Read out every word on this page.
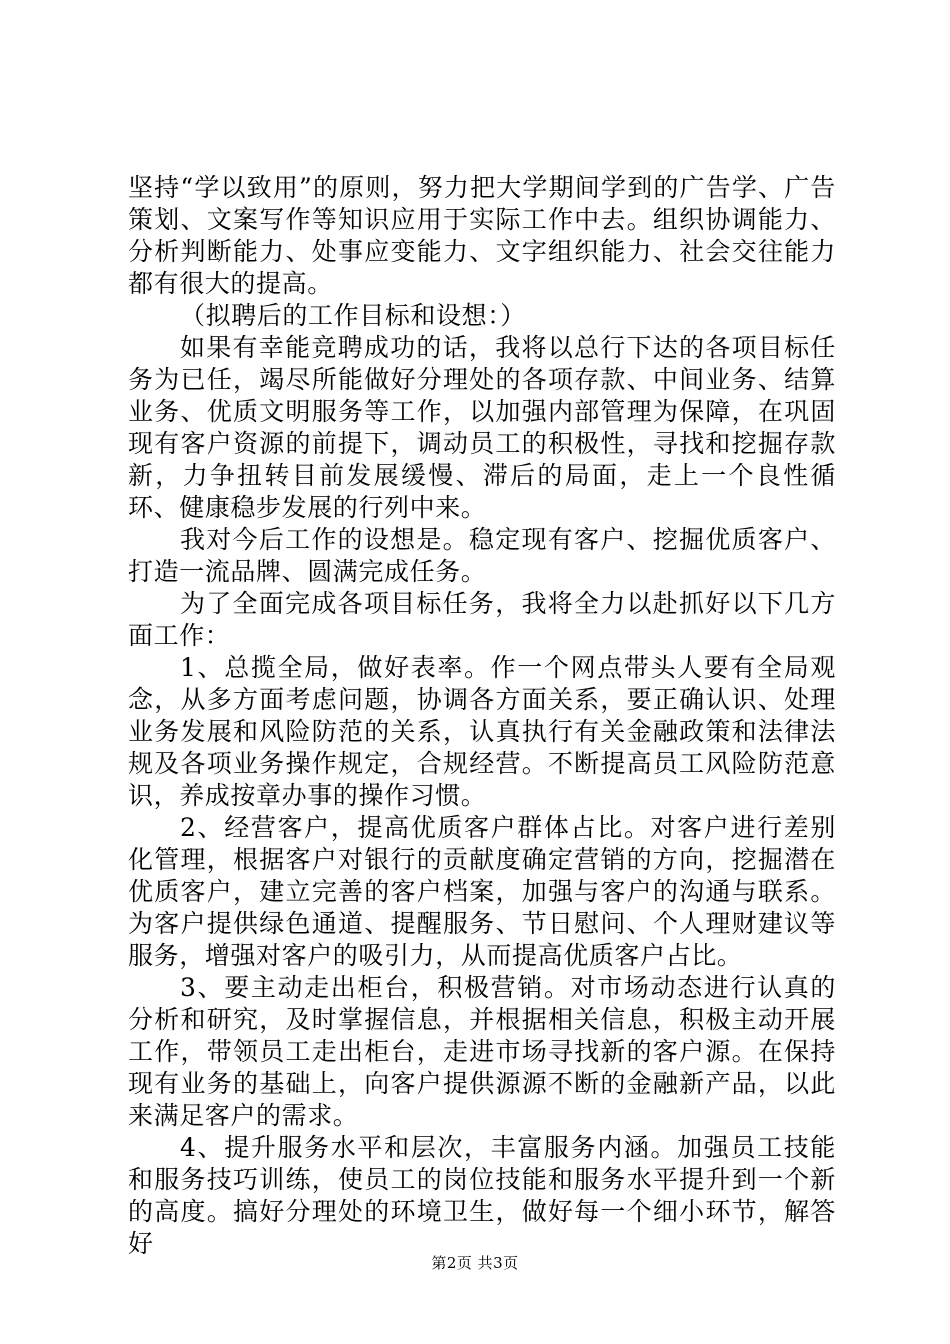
坚持“学以致用”的原则，努力把大学期间学到的广告学、广告策划、文案写作等知识应用于实际工作中去。组织协调能力、分析判断能力、处事应变能力、文字组织能力、社会交往能力都有很大的提高。

（拟聘后的工作目标和设想：）

如果有幸能竞聘成功的话，我将以总行下达的各项目标任务为已任，竭尽所能做好分理处的各项存款、中间业务、结算业务、优质文明服务等工作，以加强内部管理为保障，在巩固现有客户资源的前提下，调动员工的积极性，寻找和挖掘存款新，力争扭转目前发展缓慢、滞后的局面，走上一个良性循环、健康稳步发展的行列中来。

我对今后工作的设想是。稳定现有客户、挖掘优质客户、打造一流品牌、圆满完成任务。

为了全面完成各项目标任务，我将全力以赴抓好以下几方面工作：

1、总揽全局，做好表率。作一个网点带头人要有全局观念，从多方面考虑问题，协调各方面关系，要正确认识、处理业务发展和风险防范的关系，认真执行有关金融政策和法律法规及各项业务操作规定，合规经营。不断提高员工风险防范意识，养成按章办事的操作习惯。

2、经营客户，提高优质客户群体占比。对客户进行差别化管理，根据客户对银行的贡献度确定营销的方向，挖掘潜在优质客户，建立完善的客户档案，加强与客户的沟通与联系。为客户提供绿色通道、提醒服务、节日慰问、个人理财建议等服务，增强对客户的吸引力，从而提高优质客户占比。

3、要主动走出柜台，积极营销。对市场动态进行认真的分析和研究，及时掌握信息，并根据相关信息，积极主动开展工作，带领员工走出柜台，走进市场寻找新的客户源。在保持现有业务的基础上，向客户提供源源不断的金融新产品，以此来满足客户的需求。

4、提升服务水平和层次，丰富服务内涵。加强员工技能和服务技巧训练，使员工的岗位技能和服务水平提升到一个新的高度。搞好分理处的环境卫生，做好每一个细小环节，解答好

第2页 共3页
